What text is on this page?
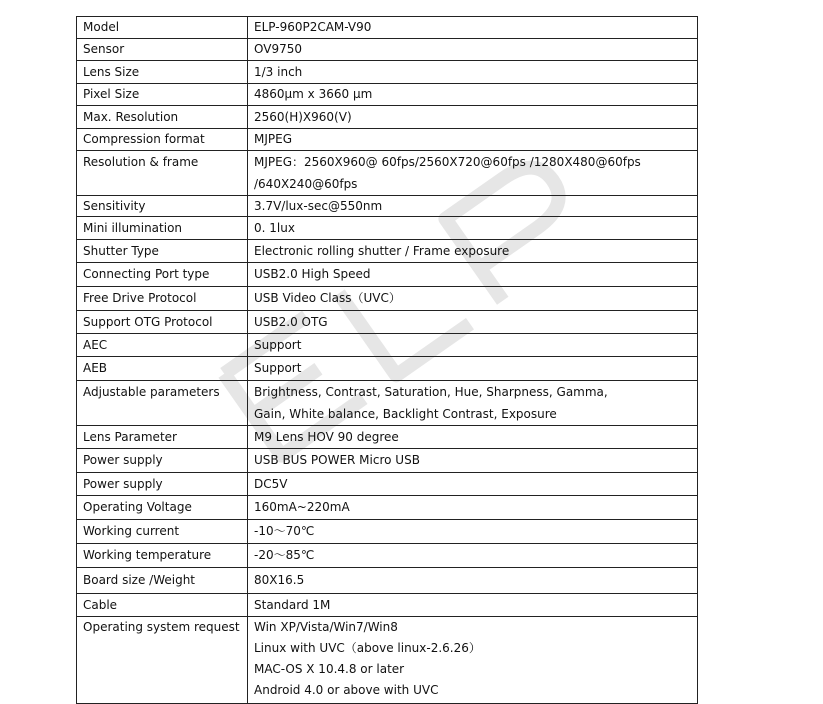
Model	ELP-960P2CAM-V90

Sensor	OV9750

Lens Size	1/3 inch

Pixel Size	4860µm x 3660 µm

Max. Resolution	2560(H)X960(V)

Compression format	MJPEG

Resolution & frame	MJPEG：2560X960@ 60fps/2560X720@60fps /1280X480@60fps
/640X240@60fps

Sensitivity	3.7V/lux-sec@550nm

Mini illumination	0. 1lux

Shutter Type	Electronic rolling shutter / Frame exposure

Connecting Port type	USB2.0 High Speed

Free Drive Protocol	USB Video Class（UVC）

Support OTG Protocol	USB2.0 OTG

AEC	Support

AEB	Support

Adjustable parameters	Brightness, Contrast, Saturation, Hue, Sharpness, Gamma,
Gain, White balance, Backlight Contrast, Exposure

Lens Parameter	M9 Lens HOV 90 degree

Power supply	USB BUS POWER Micro USB

Power supply	DC5V

Operating Voltage	160mA~220mA

Working current	-10～70℃

Working temperature	-20～85℃

Board size /Weight	80X16.5

Cable	Standard 1M

Operating system request	Win XP/Vista/Win7/Win8
Linux with UVC（above linux-2.6.26）
MAC-OS X 10.4.8 or later
Android 4.0 or above with UVC
